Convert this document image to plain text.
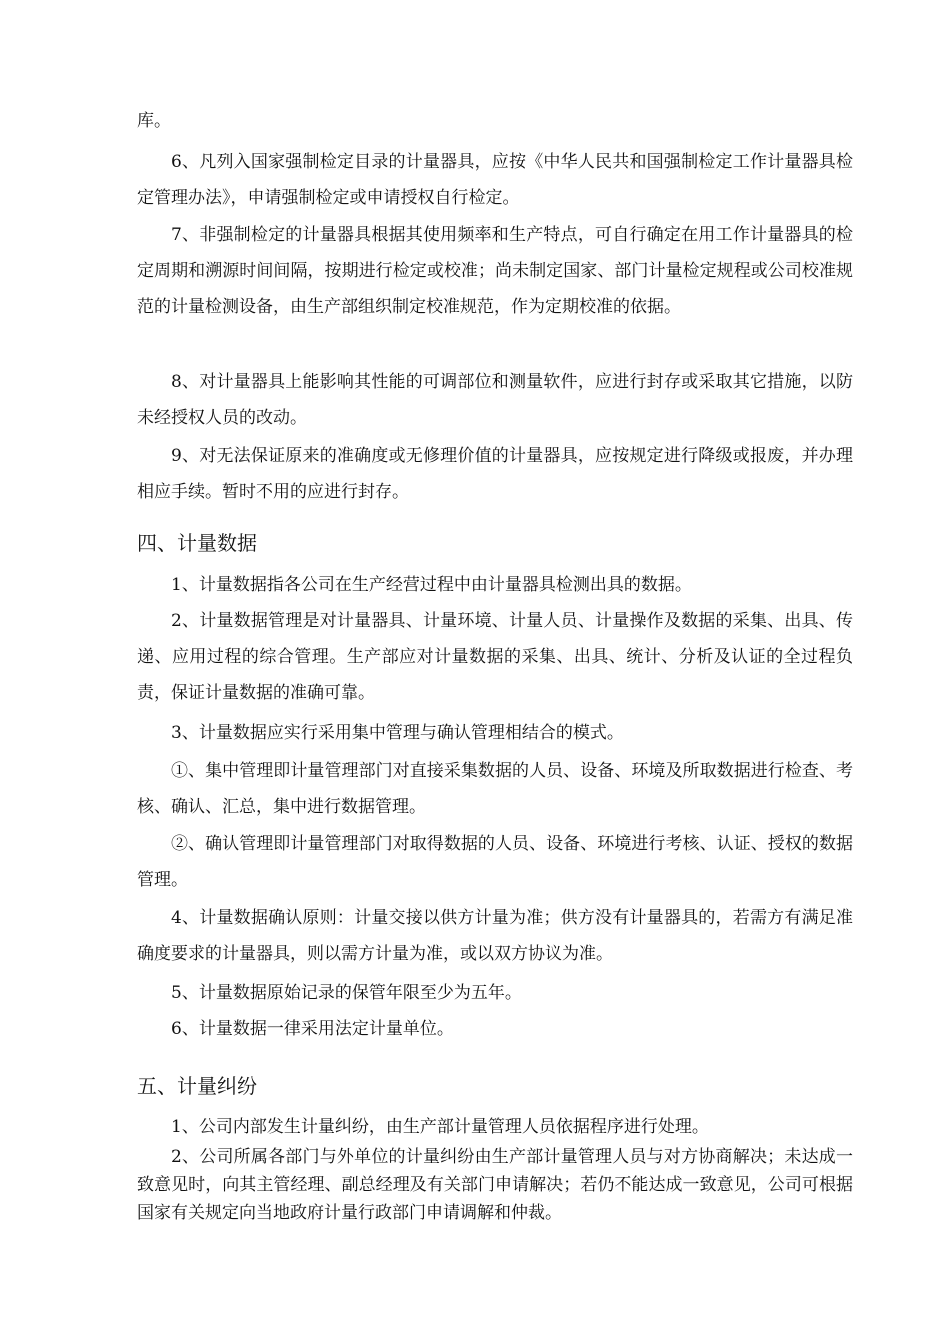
库。

6、凡列入国家强制检定目录的计量器具，应按《中华人民共和国强制检定工作计量器具检定管理办法》，申请强制检定或申请授权自行检定。

7、非强制检定的计量器具根据其使用频率和生产特点，可自行确定在用工作计量器具的检定周期和溯源时间间隔，按期进行检定或校准；尚未制定国家、部门计量检定规程或公司校准规范的计量检测设备，由生产部组织制定校准规范，作为定期校准的依据。

8、对计量器具上能影响其性能的可调部位和测量软件，应进行封存或采取其它措施，以防未经授权人员的改动。

9、对无法保证原来的准确度或无修理价值的计量器具，应按规定进行降级或报废，并办理相应手续。暂时不用的应进行封存。

四、计量数据

1、计量数据指各公司在生产经营过程中由计量器具检测出具的数据。

2、计量数据管理是对计量器具、计量环境、计量人员、计量操作及数据的采集、出具、传递、应用过程的综合管理。生产部应对计量数据的采集、出具、统计、分析及认证的全过程负责，保证计量数据的准确可靠。

3、计量数据应实行采用集中管理与确认管理相结合的模式。

①、集中管理即计量管理部门对直接采集数据的人员、设备、环境及所取数据进行检查、考核、确认、汇总，集中进行数据管理。

②、确认管理即计量管理部门对取得数据的人员、设备、环境进行考核、认证、授权的数据管理。

4、计量数据确认原则：计量交接以供方计量为准；供方没有计量器具的，若需方有满足准确度要求的计量器具，则以需方计量为准，或以双方协议为准。

5、计量数据原始记录的保管年限至少为五年。

6、计量数据一律采用法定计量单位。

五、计量纠纷

1、公司内部发生计量纠纷，由生产部计量管理人员依据程序进行处理。

2、公司所属各部门与外单位的计量纠纷由生产部计量管理人员与对方协商解决；未达成一致意见时，向其主管经理、副总经理及有关部门申请解决；若仍不能达成一致意见，公司可根据国家有关规定向当地政府计量行政部门申请调解和仲裁。
